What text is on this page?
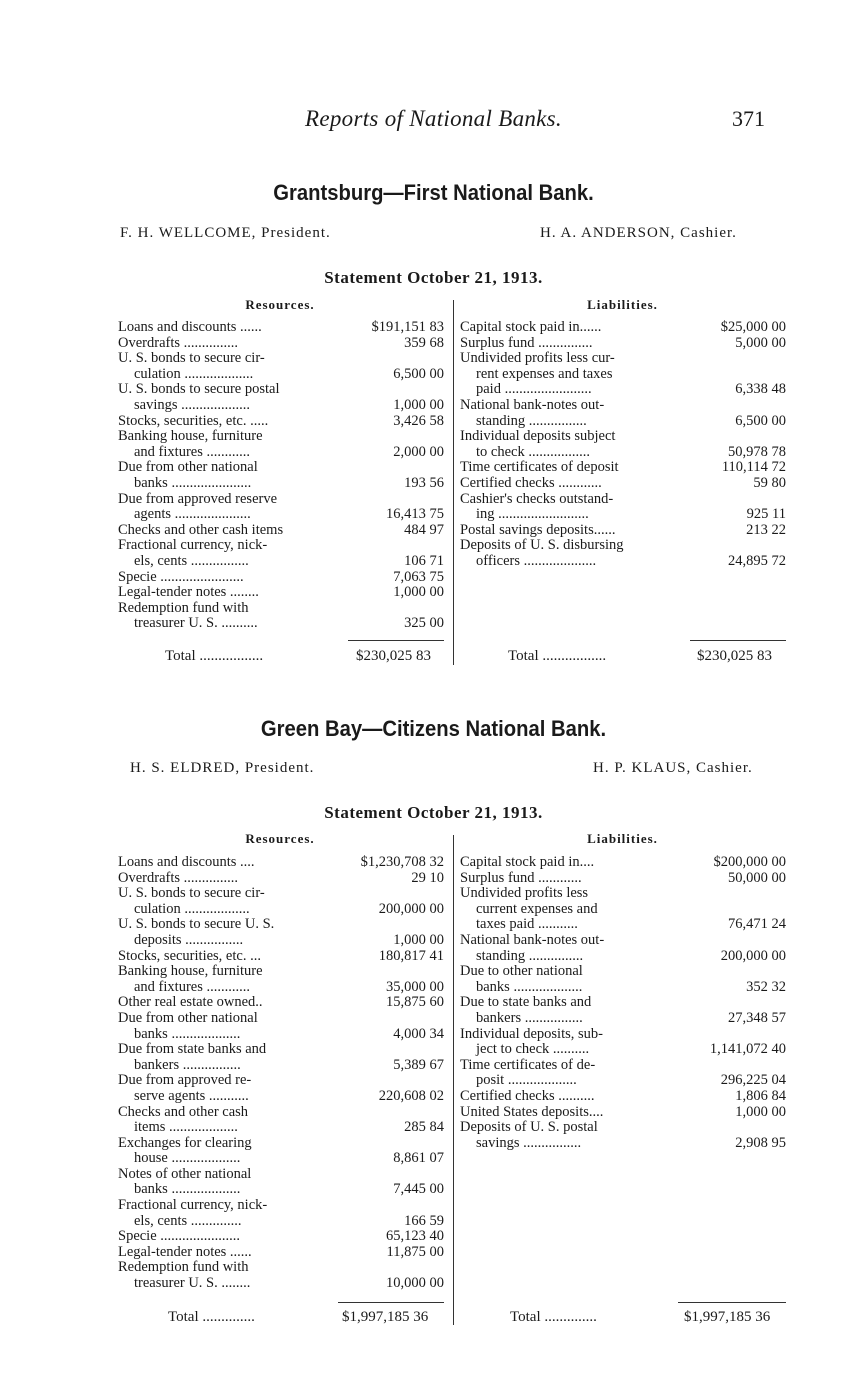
Reports of National Banks.	371
Grantsburg—First National Bank.
F. H. WELLCOME, President.	H. A. ANDERSON, Cashier.
Statement October 21, 1913.
Resources.	Liabilities.
Loans and discounts ......	$191,151 83
Overdrafts ...............	359 68
U. S. bonds to secure cir-
culation ...................	6,500 00
U. S. bonds to secure postal
savings ...................	1,000 00
Stocks, securities, etc. .....	3,426 58
Banking house, furniture
and fixtures ............	2,000 00
Due from other national
banks ......................	193 56
Due from approved reserve
agents .....................	16,413 75
Checks and other cash items	484 97
Fractional currency, nick-
els, cents ................	106 71
Specie .......................	7,063 75
Legal-tender notes ........	1,000 00
Redemption fund with
treasurer U. S. ..........	325 00
Capital stock paid in......	$25,000 00
Surplus fund ...............	5,000 00
Undivided profits less cur-
rent expenses and taxes
paid ........................	6,338 48
National bank-notes out-
standing ................	6,500 00
Individual deposits subject
to check .................	50,978 78
Time certificates of deposit	110,114 72
Certified checks ............	59 80
Cashier's checks outstand-
ing .........................	925 11
Postal savings deposits......	213 22
Deposits of U. S. disbursing
officers ....................	24,895 72
Total .................	$230,025 83	Total .................	$230,025 83
Green Bay—Citizens National Bank.
H. S. ELDRED, President.	H. P. KLAUS, Cashier.
Statement October 21, 1913.
Resources.	Liabilities.
Loans and discounts ....	$1,230,708 32
Overdrafts ...............	29 10
U. S. bonds to secure cir-
culation ..................	200,000 00
U. S. bonds to secure U. S.
deposits ................	1,000 00
Stocks, securities, etc. ...	180,817 41
Banking house, furniture
and fixtures ............	35,000 00
Other real estate owned..	15,875 60
Due from other national
banks ...................	4,000 34
Due from state banks and
bankers ................	5,389 67
Due from approved re-
serve agents ...........	220,608 02
Checks and other cash
items ...................	285 84
Exchanges for clearing
house ...................	8,861 07
Notes of other national
banks ...................	7,445 00
Fractional currency, nick-
els, cents ..............	166 59
Specie ......................	65,123 40
Legal-tender notes ......	11,875 00
Redemption fund with
treasurer U. S. ........	10,000 00
Capital stock paid in....	$200,000 00
Surplus fund ............	50,000 00
Undivided profits less
current expenses and
taxes paid ...........	76,471 24
National bank-notes out-
standing ...............	200,000 00
Due to other national
banks ...................	352 32
Due to state banks and
bankers ................	27,348 57
Individual deposits, sub-
ject to check ..........	1,141,072 40
Time certificates of de-
posit ...................	296,225 04
Certified checks ..........	1,806 84
United States deposits....	1,000 00
Deposits of U. S. postal
savings ................	2,908 95
Total ..............	$1,997,185 36	Total ..............	$1,997,185 36
